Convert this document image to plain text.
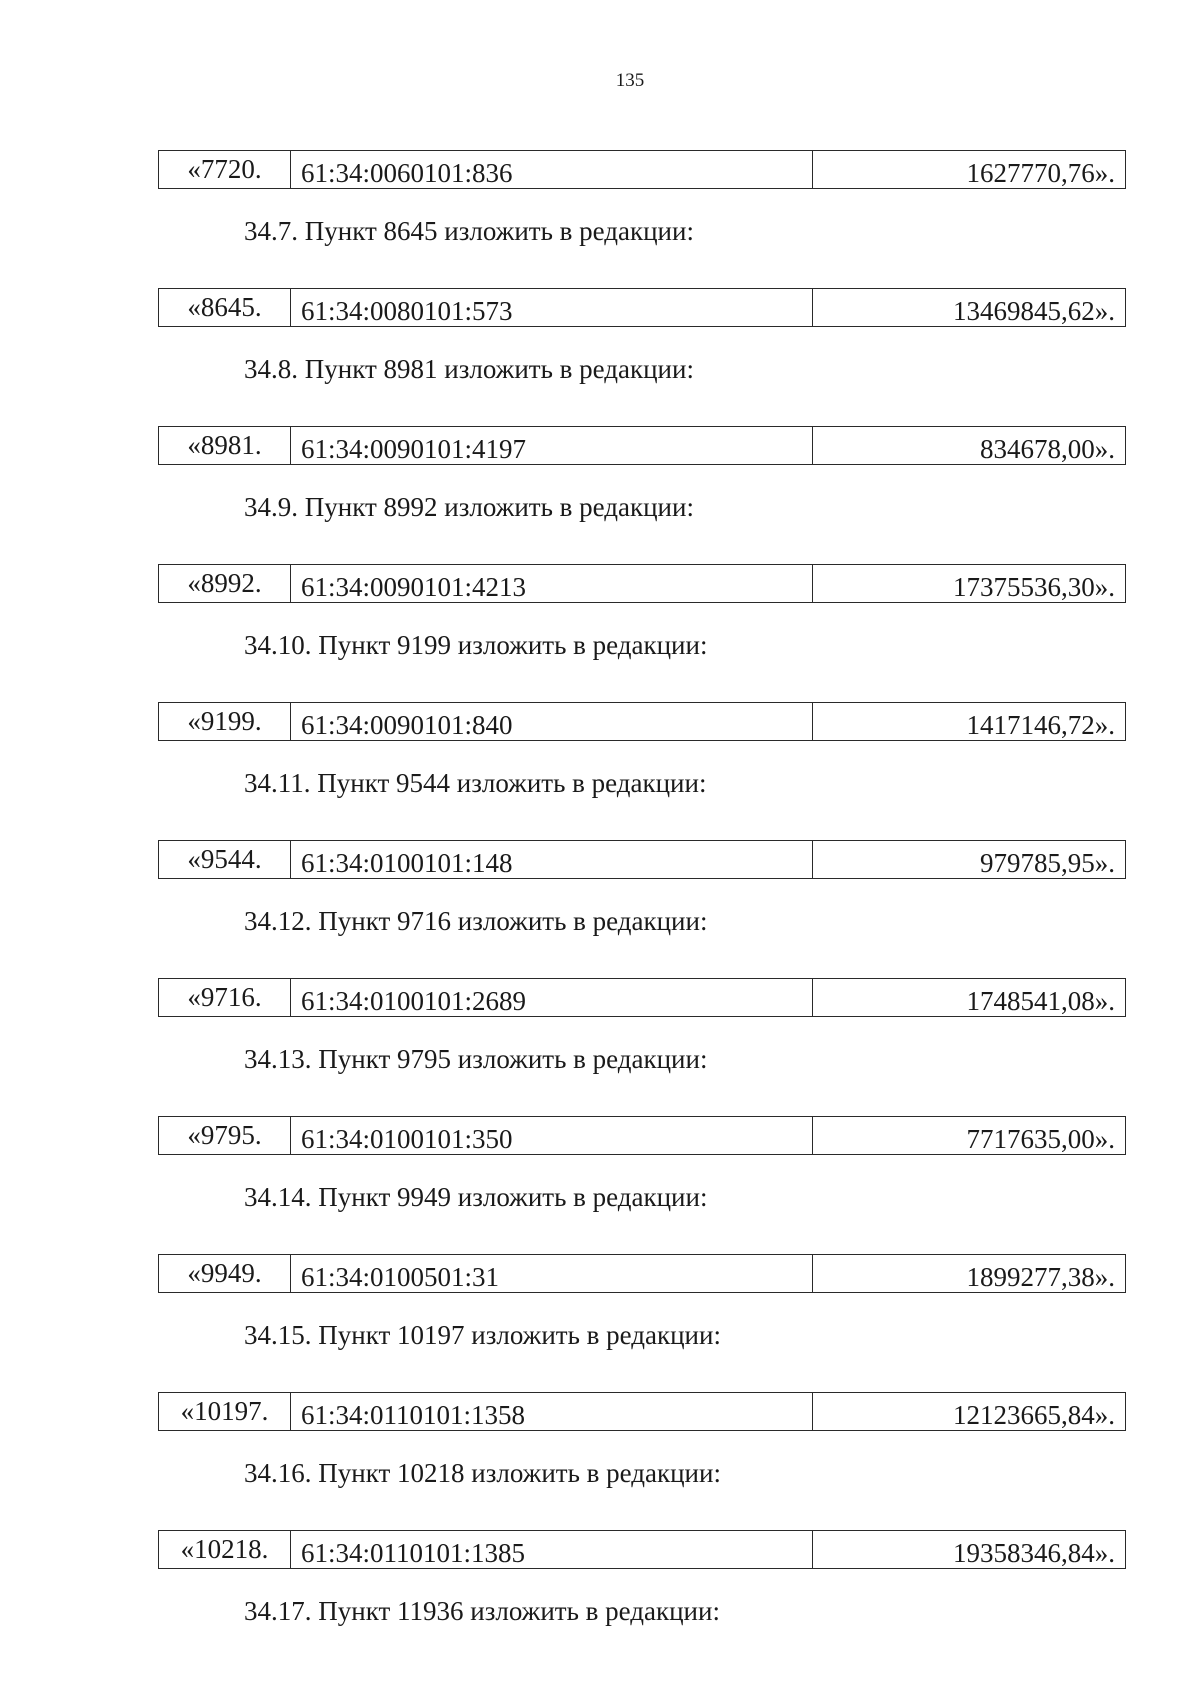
135
«7720.	61:34:0060101:836	1627770,76».
34.7. Пункт 8645 изложить в редакции:
«8645.	61:34:0080101:573	13469845,62».
34.8. Пункт 8981 изложить в редакции:
«8981.	61:34:0090101:4197	834678,00».
34.9. Пункт 8992 изложить в редакции:
«8992.	61:34:0090101:4213	17375536,30».
34.10. Пункт 9199 изложить в редакции:
«9199.	61:34:0090101:840	1417146,72».
34.11. Пункт 9544 изложить в редакции:
«9544.	61:34:0100101:148	979785,95».
34.12. Пункт 9716 изложить в редакции:
«9716.	61:34:0100101:2689	1748541,08».
34.13. Пункт 9795 изложить в редакции:
«9795.	61:34:0100101:350	7717635,00».
34.14. Пункт 9949 изложить в редакции:
«9949.	61:34:0100501:31	1899277,38».
34.15. Пункт 10197 изложить в редакции:
«10197.	61:34:0110101:1358	12123665,84».
34.16. Пункт 10218 изложить в редакции:
«10218.	61:34:0110101:1385	19358346,84».
34.17. Пункт 11936 изложить в редакции:
